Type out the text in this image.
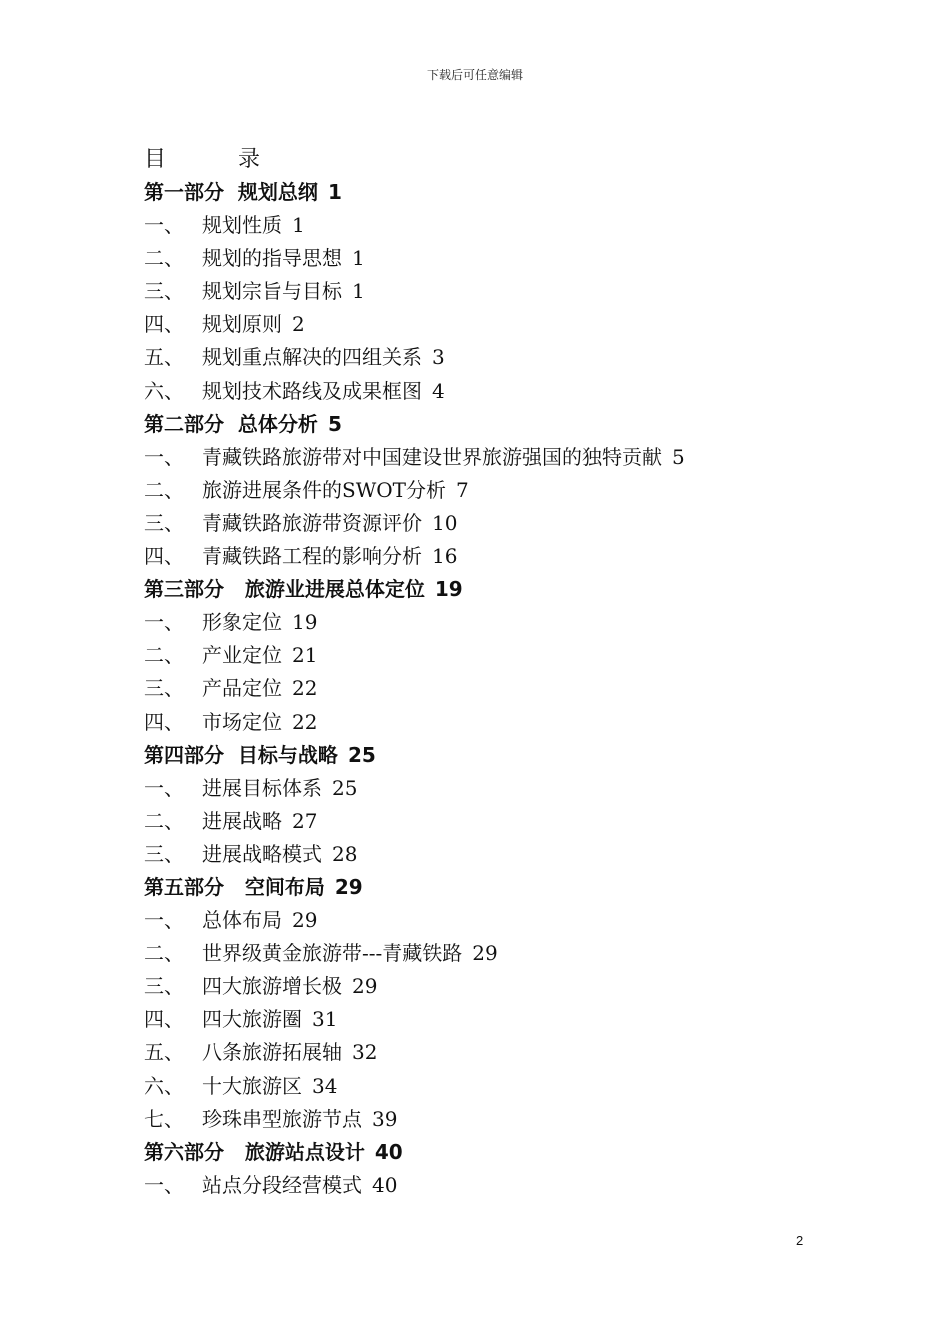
下载后可任意编辑
目	录
第一部分  规划总纲 1
一、 规划性质 1
二、 规划的指导思想 1
三、 规划宗旨与目标 1
四、 规划原则 2
五、 规划重点解决的四组关系 3
六、 规划技术路线及成果框图 4
第二部分  总体分析 5
一、 青藏铁路旅游带对中国建设世界旅游强国的独特贡献 5
二、 旅游进展条件的SWOT分析 7
三、 青藏铁路旅游带资源评价 10
四、 青藏铁路工程的影响分析 16
第三部分   旅游业进展总体定位 19
一、 形象定位 19
二、 产业定位 21
三、 产品定位 22
四、 市场定位 22
第四部分  目标与战略 25
一、 进展目标体系 25
二、 进展战略 27
三、 进展战略模式 28
第五部分   空间布局 29
一、 总体布局 29
二、 世界级黄金旅游带---青藏铁路 29
三、 四大旅游增长极 29
四、 四大旅游圈 31
五、 八条旅游拓展轴 32
六、 十大旅游区 34
七、 珍珠串型旅游节点 39
第六部分   旅游站点设计 40
一、 站点分段经营模式 40
2
